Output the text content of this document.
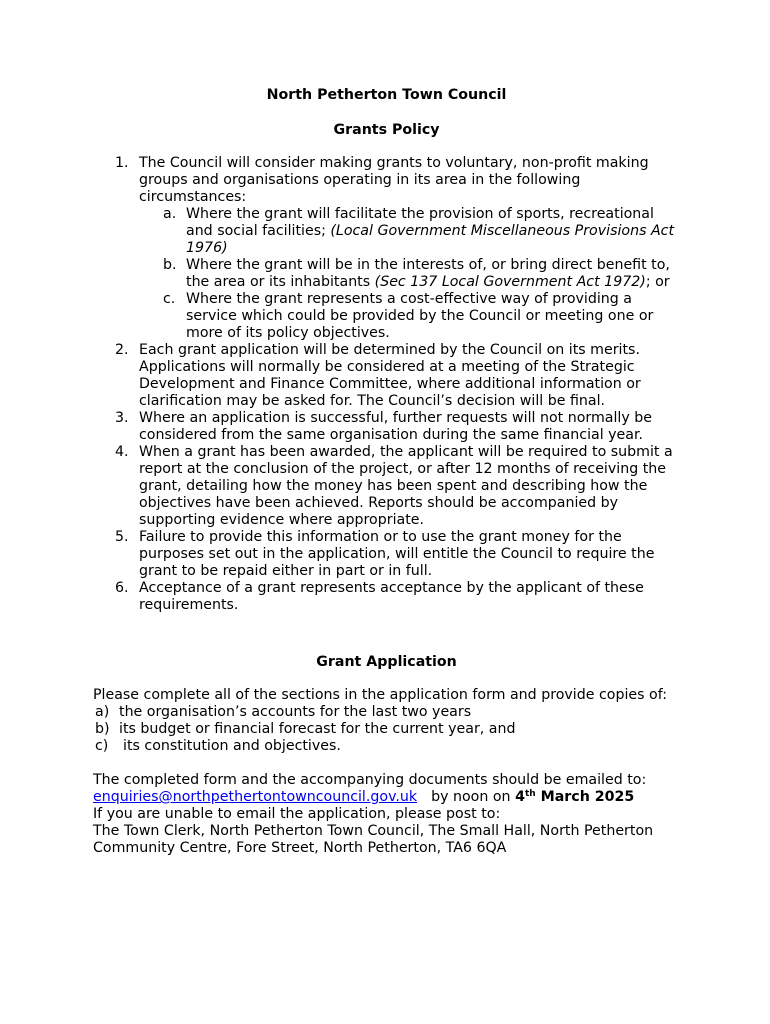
North Petherton Town Council

Grants Policy

1. The Council will consider making grants to voluntary, non-profit making groups and organisations operating in its area in the following circumstances:
a. Where the grant will facilitate the provision of sports, recreational and social facilities; (Local Government Miscellaneous Provisions Act 1976)
b. Where the grant will be in the interests of, or bring direct benefit to, the area or its inhabitants (Sec 137 Local Government Act 1972); or
c. Where the grant represents a cost-effective way of providing a service which could be provided by the Council or meeting one or more of its policy objectives.
2. Each grant application will be determined by the Council on its merits. Applications will normally be considered at a meeting of the Strategic Development and Finance Committee, where additional information or clarification may be asked for. The Council’s decision will be final.
3. Where an application is successful, further requests will not normally be considered from the same organisation during the same financial year.
4. When a grant has been awarded, the applicant will be required to submit a report at the conclusion of the project, or after 12 months of receiving the grant, detailing how the money has been spent and describing how the objectives have been achieved. Reports should be accompanied by supporting evidence where appropriate.
5. Failure to provide this information or to use the grant money for the purposes set out in the application, will entitle the Council to require the grant to be repaid either in part or in full.
6. Acceptance of a grant represents acceptance by the applicant of these requirements.

Grant Application

Please complete all of the sections in the application form and provide copies of:

a) the organisation’s accounts for the last two years
b) its budget or financial forecast for the current year, and
c) its constitution and objectives.

The completed form and the accompanying documents should be emailed to: enquiries@northpethertontowncouncil.gov.uk by noon on 4th March 2025

If you are unable to email the application, please post to:

The Town Clerk, North Petherton Town Council, The Small Hall, North Petherton Community Centre, Fore Street, North Petherton, TA6 6QA
